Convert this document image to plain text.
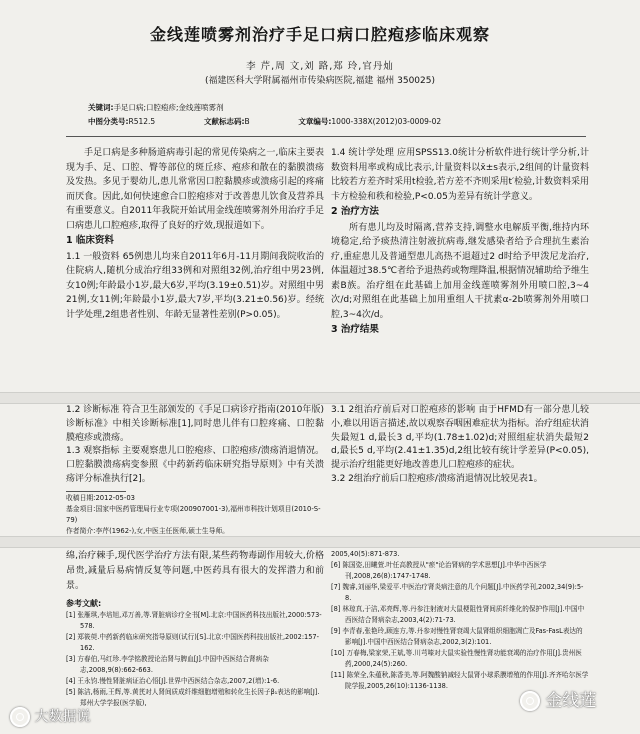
金线莲喷雾剂治疗手足口病口腔疱疹临床观察
李 芹,周 文,刘 路,郑 玲,官丹灿
(福建医科大学附属福州市传染病医院,福建 福州 350025)
关键词:手足口病;口腔疱疹;金线莲喷雾剂
中图分类号:R512.5	文献标志码:B	文章编号:1000-338X(2012)03-0009-02

手足口病是多种肠道病毒引起的常见传染病之一,临床主要表现为手、足、口腔、臀等部位的斑丘疹、疱疹和散在的黏膜溃疡及发热。多见于婴幼儿,患儿常常因口腔黏膜疹或溃疡引起的疼痛而厌食。因此,如何快速愈合口腔疱疹对于改善患儿饮食及营养具有重要意义。自2011年我院开始试用金线莲喷雾剂外用治疗手足口病患儿口腔疱疹,取得了良好的疗效,现报道如下。

1 临床资料

1.1 一般资料 65例患儿均来自2011年6月-11月期间我院收治的住院病人,随机分成治疗组33例和对照组32例,治疗组中男23例,女10例;年龄最小1岁,最大6岁,平均(3.19±0.51)岁。对照组中男21例,女11例;年龄最小1岁,最大7岁,平均(3.21±0.56)岁。经统计学处理,2组患者性别、年龄无显著性差别(P>0.05)。

1.4 统计学处理 应用SPSS13.0统计分析软件进行统计学分析,计数资料用率或构成比表示,计量资料以x̄±s表示,2组间的计量资料比较若方差齐时采用t检验,若方差不齐则采用t′检验,计数资料采用卡方检验和秩和检验,P<0.05为差异有统计学意义。

2 治疗方法

所有患儿均及时隔离,营养支持,调整水电解质平衡,维持内环境稳定,给予痰热清注射液抗病毒,继发感染者给予合理抗生素治疗,重症患儿及普通型患儿高热不退超过2 d时给予甲泼尼龙治疗,体温超过38.5℃者给予退热药或物理降温,根据情况辅助给予维生素B族。治疗组在此基础上加用金线莲喷雾剂外用喷口腔,3~4次/d;对照组在此基础上加用重组人干扰素α-2b喷雾剂外用喷口腔,3~4次/d。

3 治疗结果

1.2 诊断标准 符合卫生部颁发的《手足口病诊疗指南(2010年版)诊断标准》中相关诊断标准[1],同时患儿伴有口腔疼痛、口腔黏膜疱疹或溃疡。

1.3 观察指标 主要观察患儿口腔疱疹、口腔疱疹/溃疡消退情况。口腔黏膜溃疡病变参照《中药新药临床研究指导原则》中有关溃疡评分标准执行[2]。

3.1 2组治疗前后对口腔疱疹的影响 由于HFMD有一部分患儿较小,难以用语言描述,故以观察吞咽困难症状为指标。治疗组症状消失最短1 d,最长3 d,平均(1.78±1.02)d;对照组症状消失最短2 d,最长5 d,平均(2.41±1.35)d,2组比较有统计学差异(P<0.05),提示治疗组能更好地改善患儿口腔疱疹的症状。

3.2 2组治疗前后口腔疱疹/溃疡消退情况比较见表1。

收稿日期:2012-05-03
基金项目:国家中医药管理局行业专项(200907001-3),福州市科技计划项目(2010-S-79)
作者简介:李芹(1962-),女,中医主任医师,硕士生导师。

绵,治疗棘手,现代医学治疗方法有限,某些药物毒副作用较大,价格昂贵,减量后易病情反复等问题,中医药具有很大的发挥潜力和前景。

参考文献:
[1] 张雁琪,李培旭,邓万善,等.肾脏病诊疗全书[M].北京:中国医药科技出版社,2000:573-578.
[2] 郑筱萸.中药新药临床研究指导原则(试行)[S].北京:中国医药科技出版社,2002:157-162.
[3] 方春伯,马红珍.李学铭教授论治肾与脾血[J].中国中西医结合肾病杂志,2008,9(8):662-663.
[4] 王永钧.慢性肾脏病证治心悟[J].世界中西医结合杂志,2007,2(增):1-6.
[5] 陈洁,杨雨,王辉,等.黄芪对人肾间质成纤维细胞增殖和转化生长因子β₁表达的影响[J].郑州大学学报(医学版),
2005,40(5):871-873.
[6] 陈国姿,田曦萱.叶任高教授从"瘀"论治肾病的学术思想[J].中华中西医学刊,2008,26(8):1747-1748.
[7] 魏睿,刘丽华,梁爱平.中医治疗肾炎病注意的几个问题[J].中医药学刊,2002,34(9):5-8.
[8] 林琼真,于洁,邓亮辉,等.丹参注射液对大鼠梗阻性肾间质纤维化的保护作用[J].中国中西医结合肾病杂志,2003,4(2):71-73.
[9] 李青春,张艳玲,顾连方,等.丹参对慢性肾衰竭大鼠肾组织细胞凋亡及Fas-FasL表达的影响[J].中国中西医结合肾病杂志,2002,3(2):101.
[10] 万春梅,梁家荣,王斌,等.川芎嗪对大鼠实验性慢性肾功能衰竭的治疗作用[J].贵州医药,2000,24(5):260.
[11] 陈荣全,朱蕴秋,陈香美,等.阿魏酸钠减轻大鼠肾小球系膜增殖的作用[J].齐齐哈尔医学院学报,2005,26(10):1136-1138.
大数据说
金线莲
